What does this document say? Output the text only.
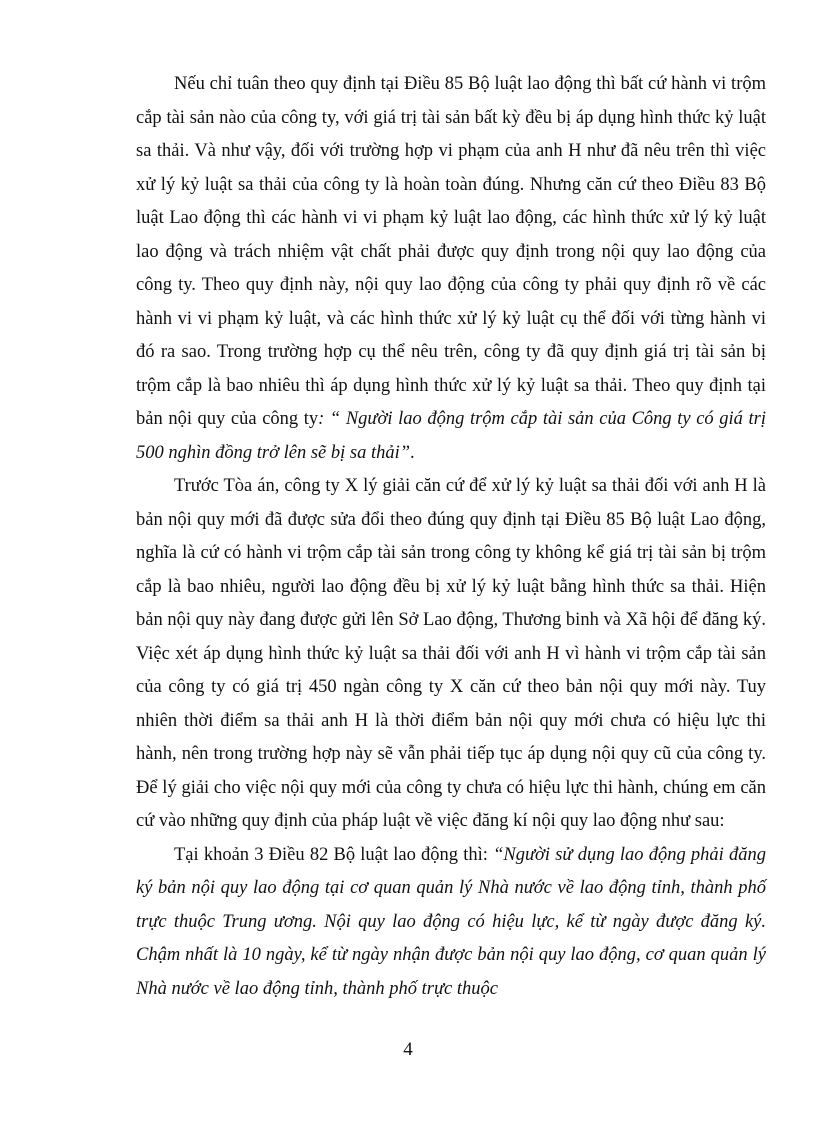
Nếu chỉ tuân theo quy định tại Điều 85 Bộ luật lao động thì bất cứ hành vi trộm cắp tài sản nào của công ty, với giá trị tài sản bất kỳ đều bị áp dụng hình thức kỷ luật sa thải. Và như vậy, đối với trường hợp vi phạm của anh H như đã nêu trên thì việc xử lý kỷ luật sa thải của công ty là hoàn toàn đúng. Nhưng căn cứ theo Điều 83 Bộ luật Lao động thì các hành vi vi phạm kỷ luật lao động, các hình thức xử lý kỷ luật lao động và trách nhiệm vật chất phải được quy định trong nội quy lao động của công ty. Theo quy định này, nội quy lao động của công ty phải quy định rõ về các hành vi vi phạm kỷ luật, và các hình thức xử lý kỷ luật cụ thể đối với từng hành vi đó ra sao. Trong trường hợp cụ thể nêu trên, công ty đã quy định giá trị tài sản bị trộm cắp là bao nhiêu thì áp dụng hình thức xử lý kỷ luật sa thải. Theo quy định tại bản nội quy của công ty: “ Người lao động trộm cắp tài sản của Công ty có giá trị 500 nghìn đồng trở lên sẽ bị sa thải”.

Trước Tòa án, công ty X lý giải căn cứ để xử lý kỷ luật sa thải đối với anh H là bản nội quy mới đã được sửa đổi theo đúng quy định tại Điều 85 Bộ luật Lao động, nghĩa là cứ có hành vi trộm cắp tài sản trong công ty không kể giá trị tài sản bị trộm cắp là bao nhiêu, người lao động đều bị xử lý kỷ luật bằng hình thức sa thải. Hiện bản nội quy này đang được gửi lên Sở Lao động, Thương binh và Xã hội để đăng ký. Việc xét áp dụng hình thức kỷ luật sa thải đối với anh H vì hành vi trộm cắp tài sản của công ty có giá trị 450 ngàn công ty X căn cứ theo bản nội quy mới này. Tuy nhiên thời điểm sa thải anh H là thời điểm bản nội quy mới chưa có hiệu lực thi hành, nên trong trường hợp này sẽ vẫn phải tiếp tục áp dụng nội quy cũ của công ty. Để lý giải cho việc nội quy mới của công ty chưa có hiệu lực thi hành, chúng em căn cứ vào những quy định của pháp luật về việc đăng kí nội quy lao động như sau:

Tại khoản 3 Điều 82 Bộ luật lao động thì: “Người sử dụng lao động phải đăng ký bản nội quy lao động tại cơ quan quản lý Nhà nước về lao động tỉnh, thành phố trực thuộc Trung ương. Nội quy lao động có hiệu lực, kể từ ngày được đăng ký. Chậm nhất là 10 ngày, kể từ ngày nhận được bản nội quy lao động, cơ quan quản lý Nhà nước về lao động tỉnh, thành phố trực thuộc

4
